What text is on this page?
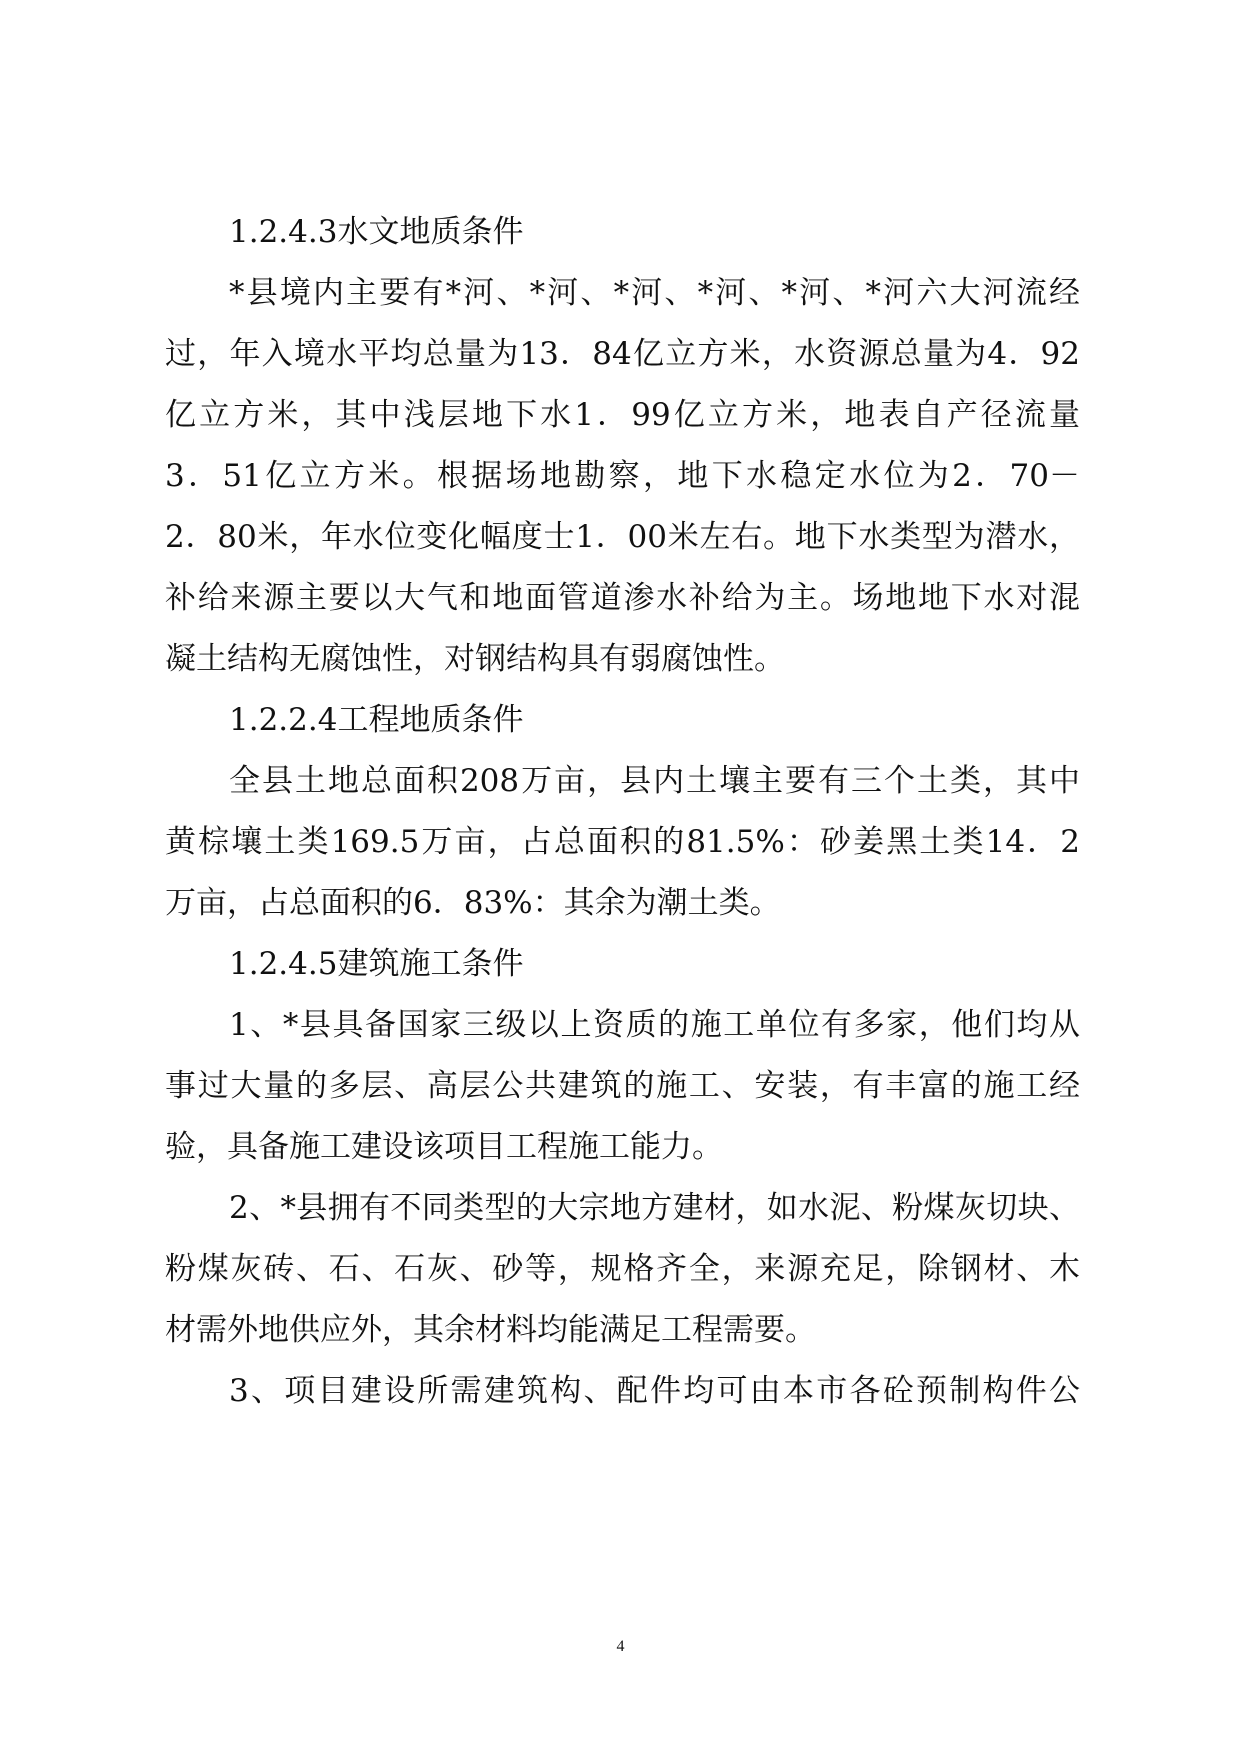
1.2.4.3水文地质条件
*县境内主要有*河、*河、*河、*河、*河、*河六大河流经
过，年入境水平均总量为13．84亿立方米，水资源总量为4．92
亿立方米，其中浅层地下水1．99亿立方米，地表自产径流量
3．51亿立方米。根据场地勘察，地下水稳定水位为2．70－
2．80米，年水位变化幅度士1．00米左右。地下水类型为潜水，
补给来源主要以大气和地面管道渗水补给为主。场地地下水对混
凝土结构无腐蚀性，对钢结构具有弱腐蚀性。
1.2.2.4工程地质条件
全县土地总面积208万亩，县内土壤主要有三个土类，其中
黄棕壤土类169.5万亩，占总面积的81.5%：砂姜黑土类14．2
万亩，占总面积的6．83%：其余为潮土类。
1.2.4.5建筑施工条件
1、*县具备国家三级以上资质的施工单位有多家，他们均从
事过大量的多层、高层公共建筑的施工、安装，有丰富的施工经
验，具备施工建设该项目工程施工能力。
2、*县拥有不同类型的大宗地方建材，如水泥、粉煤灰切块、
粉煤灰砖、石、石灰、砂等，规格齐全，来源充足，除钢材、木
材需外地供应外，其余材料均能满足工程需要。
3、项目建设所需建筑构、配件均可由本市各砼预制构件公
4
